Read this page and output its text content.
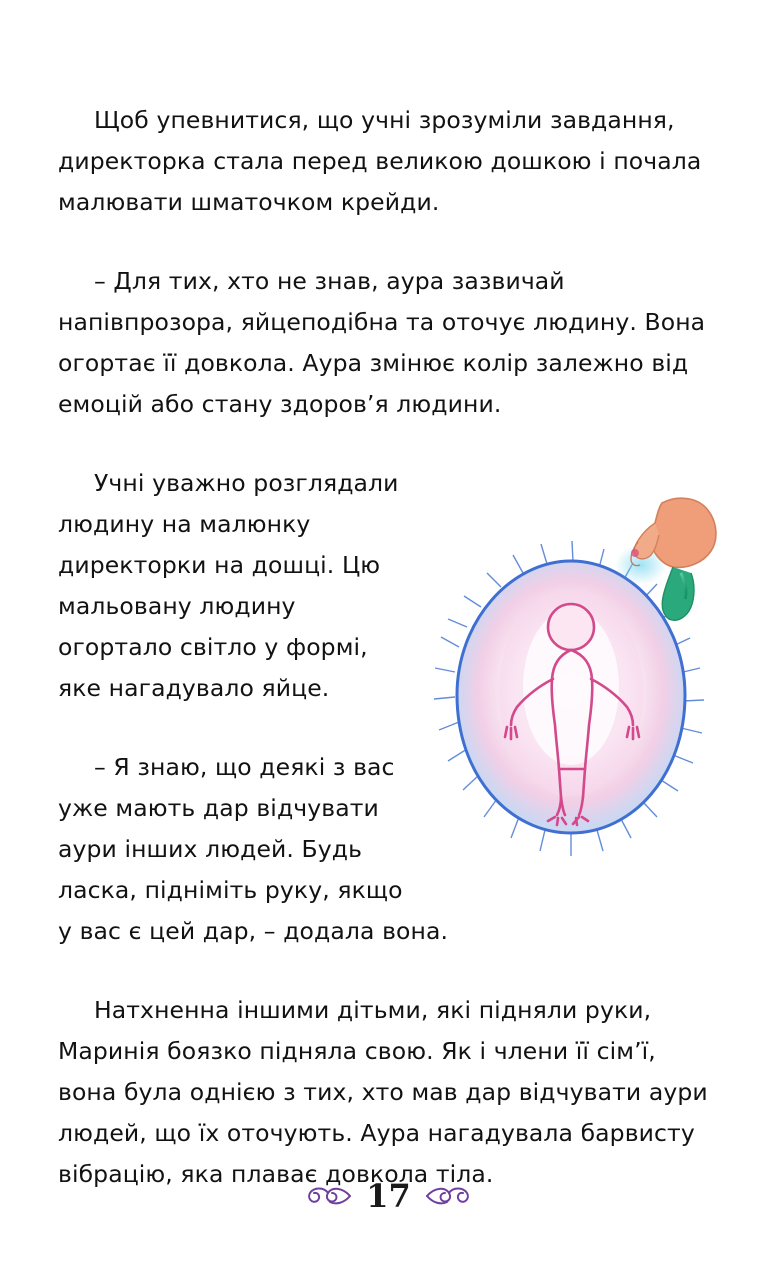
Щоб упевнитися, що учні зрозуміли завдання, директорка стала перед великою дошкою і почала малювати шматочком крейди.

– Для тих, хто не знав, аура зазвичай напівпрозора, яйцеподібна та оточує людину. Вона огортає її довкола. Аура змінює колір залежно від емоцій або стану здоров’я людини.

Учні уважно розглядали людину на малюнку директорки на дошці. Цю мальовану людину огортало світло у формі, яке нагадувало яйце.

– Я знаю, що деякі з вас уже мають дар відчувати аури інших людей. Будь ласка, підніміть руку, якщо у вас є цей дар, – додала вона.

Натхненна іншими дітьми, які підняли руки, Маринія боязко підняла свою. Як і члени її сім’ї, вона була однією з тих, хто мав дар відчувати аури людей, що їх оточують. Аура нагадувала барвисту вібрацію, яка плаває довкола тіла.

17
